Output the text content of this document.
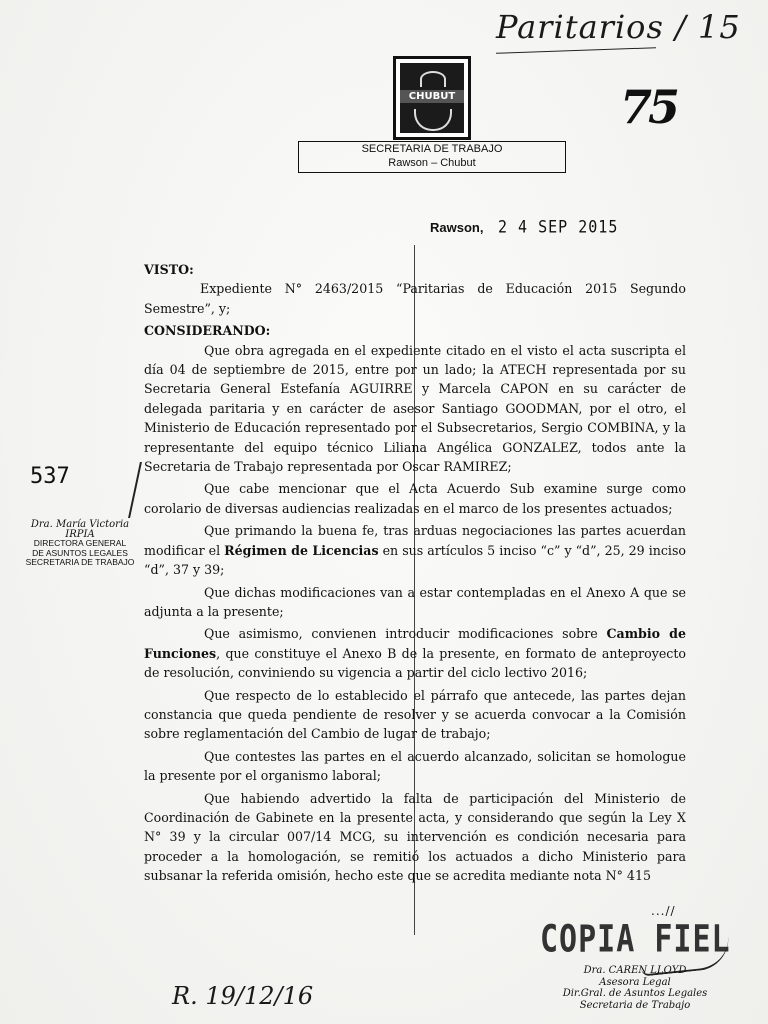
Paritarios / 15
CHUBUT	75
SECRETARIA DE TRABAJO
Rawson – Chubut
Rawson, 2 4 SEP 2015
537
Dra. María Victoria IRPIA
DIRECTORA GENERAL
DE ASUNTOS LEGALES
SECRETARIA DE TRABAJO
VISTO:

Expediente N° 2463/2015 “Paritarias de Educación 2015 Segundo Semestre”, y;

CONSIDERANDO:

Que obra agregada en el expediente citado en el visto el acta suscripta el día 04 de septiembre de 2015, entre por un lado; la ATECH representada por su Secretaria General Estefanía AGUIRRE y Marcela CAPON en su carácter de delegada paritaria y en carácter de asesor Santiago GOODMAN, por el otro, el Ministerio de Educación representado por el Subsecretarios, Sergio COMBINA, y la representante del equipo técnico Liliana Angélica GONZALEZ, todos ante la Secretaria de Trabajo representada por Oscar RAMIREZ;

Que cabe mencionar que el Acta Acuerdo Sub examine surge como corolario de diversas audiencias realizadas en el marco de los presentes actuados;

Que primando la buena fe, tras arduas negociaciones las partes acuerdan modificar el Régimen de Licencias en sus artículos 5 inciso “c” y “d”, 25, 29 inciso “d”, 37 y 39;

Que dichas modificaciones van a estar contempladas en el Anexo A que se adjunta a la presente;

Que asimismo, convienen introducir modificaciones sobre Cambio de Funciones, que constituye el Anexo B de la presente, en formato de anteproyecto de resolución, conviniendo su vigencia a partir del ciclo lectivo 2016;

Que respecto de lo establecido el párrafo que antecede, las partes dejan constancia que queda pendiente de resolver y se acuerda convocar a la Comisión sobre reglamentación del Cambio de lugar de trabajo;

Que contestes las partes en el acuerdo alcanzado, solicitan se homologue la presente por el organismo laboral;

Que habiendo advertido la falta de participación del Ministerio de Coordinación de Gabinete en la presente acta, y considerando que según la Ley X N° 39 y la circular 007/14 MCG, su intervención es condición necesaria para proceder a la homologación, se remitió los actuados a dicho Ministerio para subsanar la referida omisión, hecho este que se acredita mediante nota N° 415

...//
COPIA FIEL
Dra. CAREN LLOYD
Asesora Legal
Dir.Gral. de Asuntos Legales
Secretaria de Trabajo
R. 19/12/16
